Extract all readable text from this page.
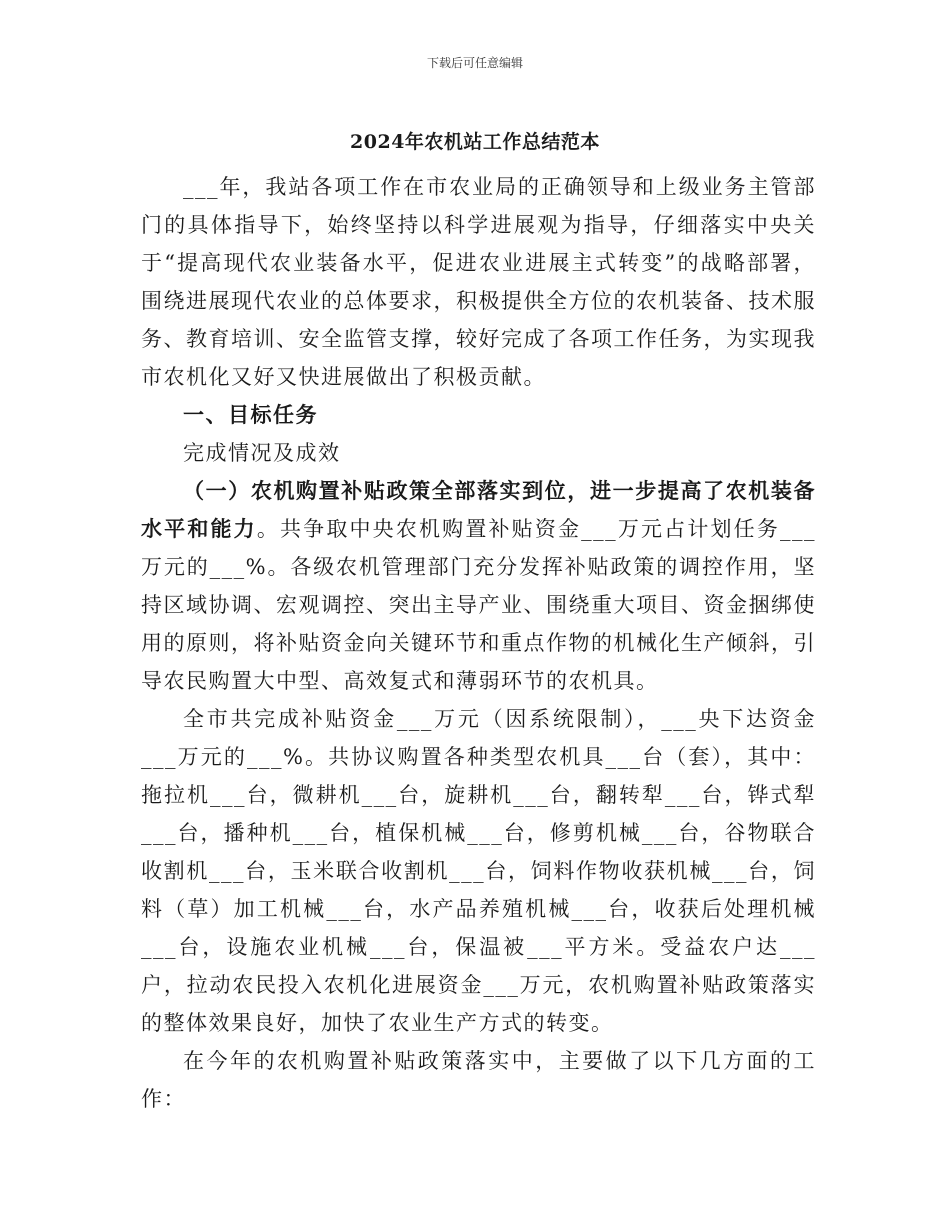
下载后可任意编辑
2024年农机站工作总结范本

___年，我站各项工作在市农业局的正确领导和上级业务主管部门的具体指导下，始终坚持以科学进展观为指导，仔细落实中央关于“提高现代农业装备水平，促进农业进展主式转变”的战略部署，围绕进展现代农业的总体要求，积极提供全方位的农机装备、技术服务、教育培训、安全监管支撑，较好完成了各项工作任务，为实现我市农机化又好又快进展做出了积极贡献。

一、目标任务

完成情况及成效

（一）农机购置补贴政策全部落实到位，进一步提高了农机装备水平和能力。共争取中央农机购置补贴资金___万元占计划任务___万元的___%。各级农机管理部门充分发挥补贴政策的调控作用，坚持区域协调、宏观调控、突出主导产业、围绕重大项目、资金捆绑使用的原则，将补贴资金向关键环节和重点作物的机械化生产倾斜，引导农民购置大中型、高效复式和薄弱环节的农机具。

全市共完成补贴资金___万元（因系统限制），___央下达资金___万元的___%。共协议购置各种类型农机具___台（套），其中：拖拉机___台，微耕机___台，旋耕机___台，翻转犁___台，铧式犁___台，播种机___台，植保机械___台，修剪机械___台，谷物联合收割机___台，玉米联合收割机___台，饲料作物收获机械___台，饲料（草）加工机械___台，水产品养殖机械___台，收获后处理机械___台，设施农业机械___台，保温被___平方米。受益农户达___户，拉动农民投入农机化进展资金___万元，农机购置补贴政策落实的整体效果良好，加快了农业生产方式的转变。

在今年的农机购置补贴政策落实中，主要做了以下几方面的工作：
